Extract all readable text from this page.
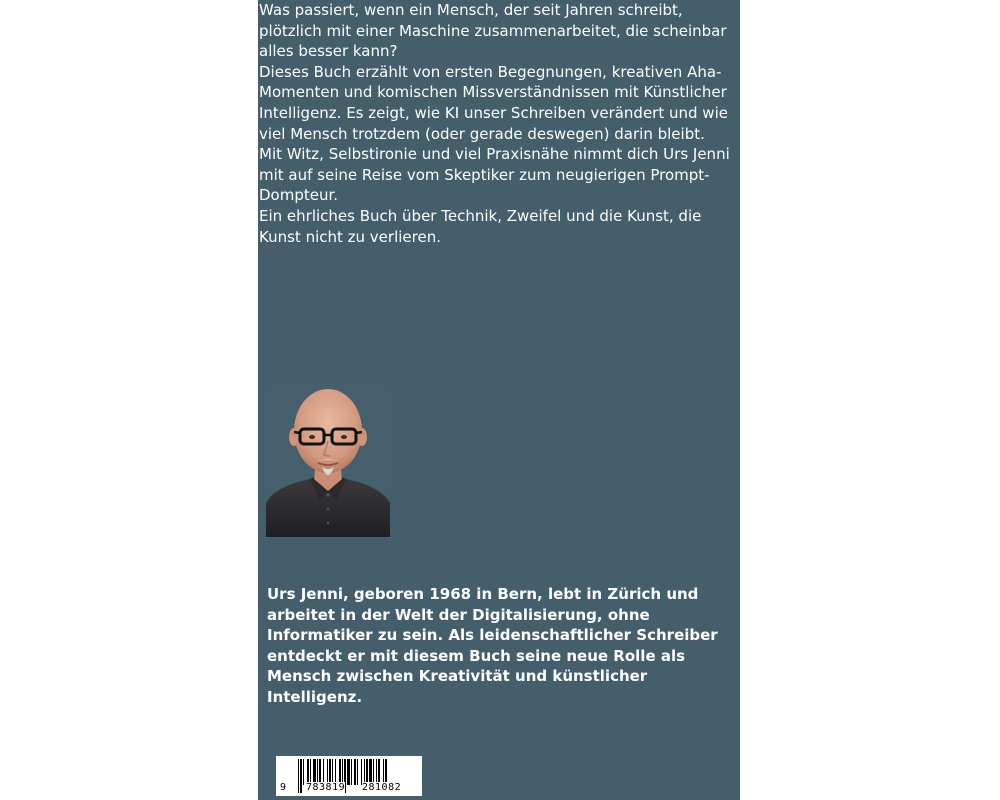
Was passiert, wenn ein Mensch, der seit Jahren schreibt, plötzlich mit einer Maschine zusammenarbeitet, die scheinbar alles besser kann?

Dieses Buch erzählt von ersten Begegnungen, kreativen Aha- Momenten und komischen Missverständnissen mit Künstlicher Intelligenz. Es zeigt, wie KI unser Schreiben verändert und wie viel Mensch trotzdem (oder gerade deswegen) darin bleibt.

Mit Witz, Selbstironie und viel Praxisnähe nimmt dich Urs Jenni mit auf seine Reise vom Skeptiker zum neugierigen Prompt-Dompteur.

Ein ehrliches Buch über Technik, Zweifel und die Kunst, die Kunst nicht zu verlieren.

Urs Jenni, geboren 1968 in Bern, lebt in Zürich und arbeitet in der Welt der Digitalisierung, ohne Informatiker zu sein. Als leidenschaftlicher Schreiber entdeckt er mit diesem Buch seine neue Rolle als Mensch zwischen Kreativität und künstlicher Intelligenz.

9 783819 281082
